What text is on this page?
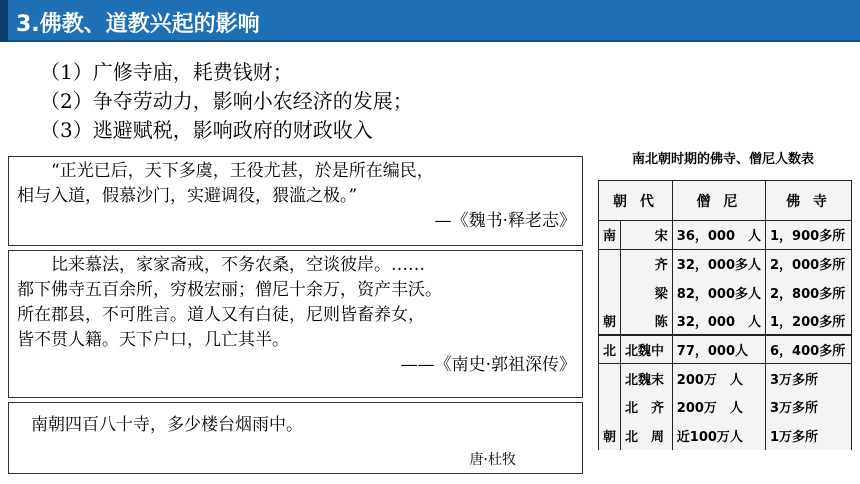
3.佛教、道教兴起的影响
（1）广修寺庙，耗费钱财；
（2）争夺劳动力，影响小农经济的发展；
（3）逃避赋税，影响政府的财政收入
“正光已后，天下多虞，王役尤甚，於是所在编民，
相与入道，假慕沙门，实避调役，猥滥之极。”
—《魏书·释老志》
比来慕法，家家斋戒，不务农桑，空谈彼岸。……
都下佛寺五百余所，穷极宏丽；僧尼十余万，资产丰沃。
所在郡县，不可胜言。道人又有白徒，尼则皆畜养女，
皆不贯人籍。天下户口，几亡其半。
——《南史·郭祖深传》
南朝四百八十寺，多少楼台烟雨中。
唐·杜牧
南北朝时期的佛寺、僧尼人数表
朝 代		僧 尼	佛 寺
南	宋	36，000　人	1，900多所
	齐	32，000多人	2，000多所
	梁	82，000多人	2，800多所
朝	陈	32，000　人	1，200多所
北	北魏中	77，000人	6，400多所
	北魏末	200万　人	3万多所
	北　齐	200万　人	3万多所
朝	北　周	近100万人	1万多所
